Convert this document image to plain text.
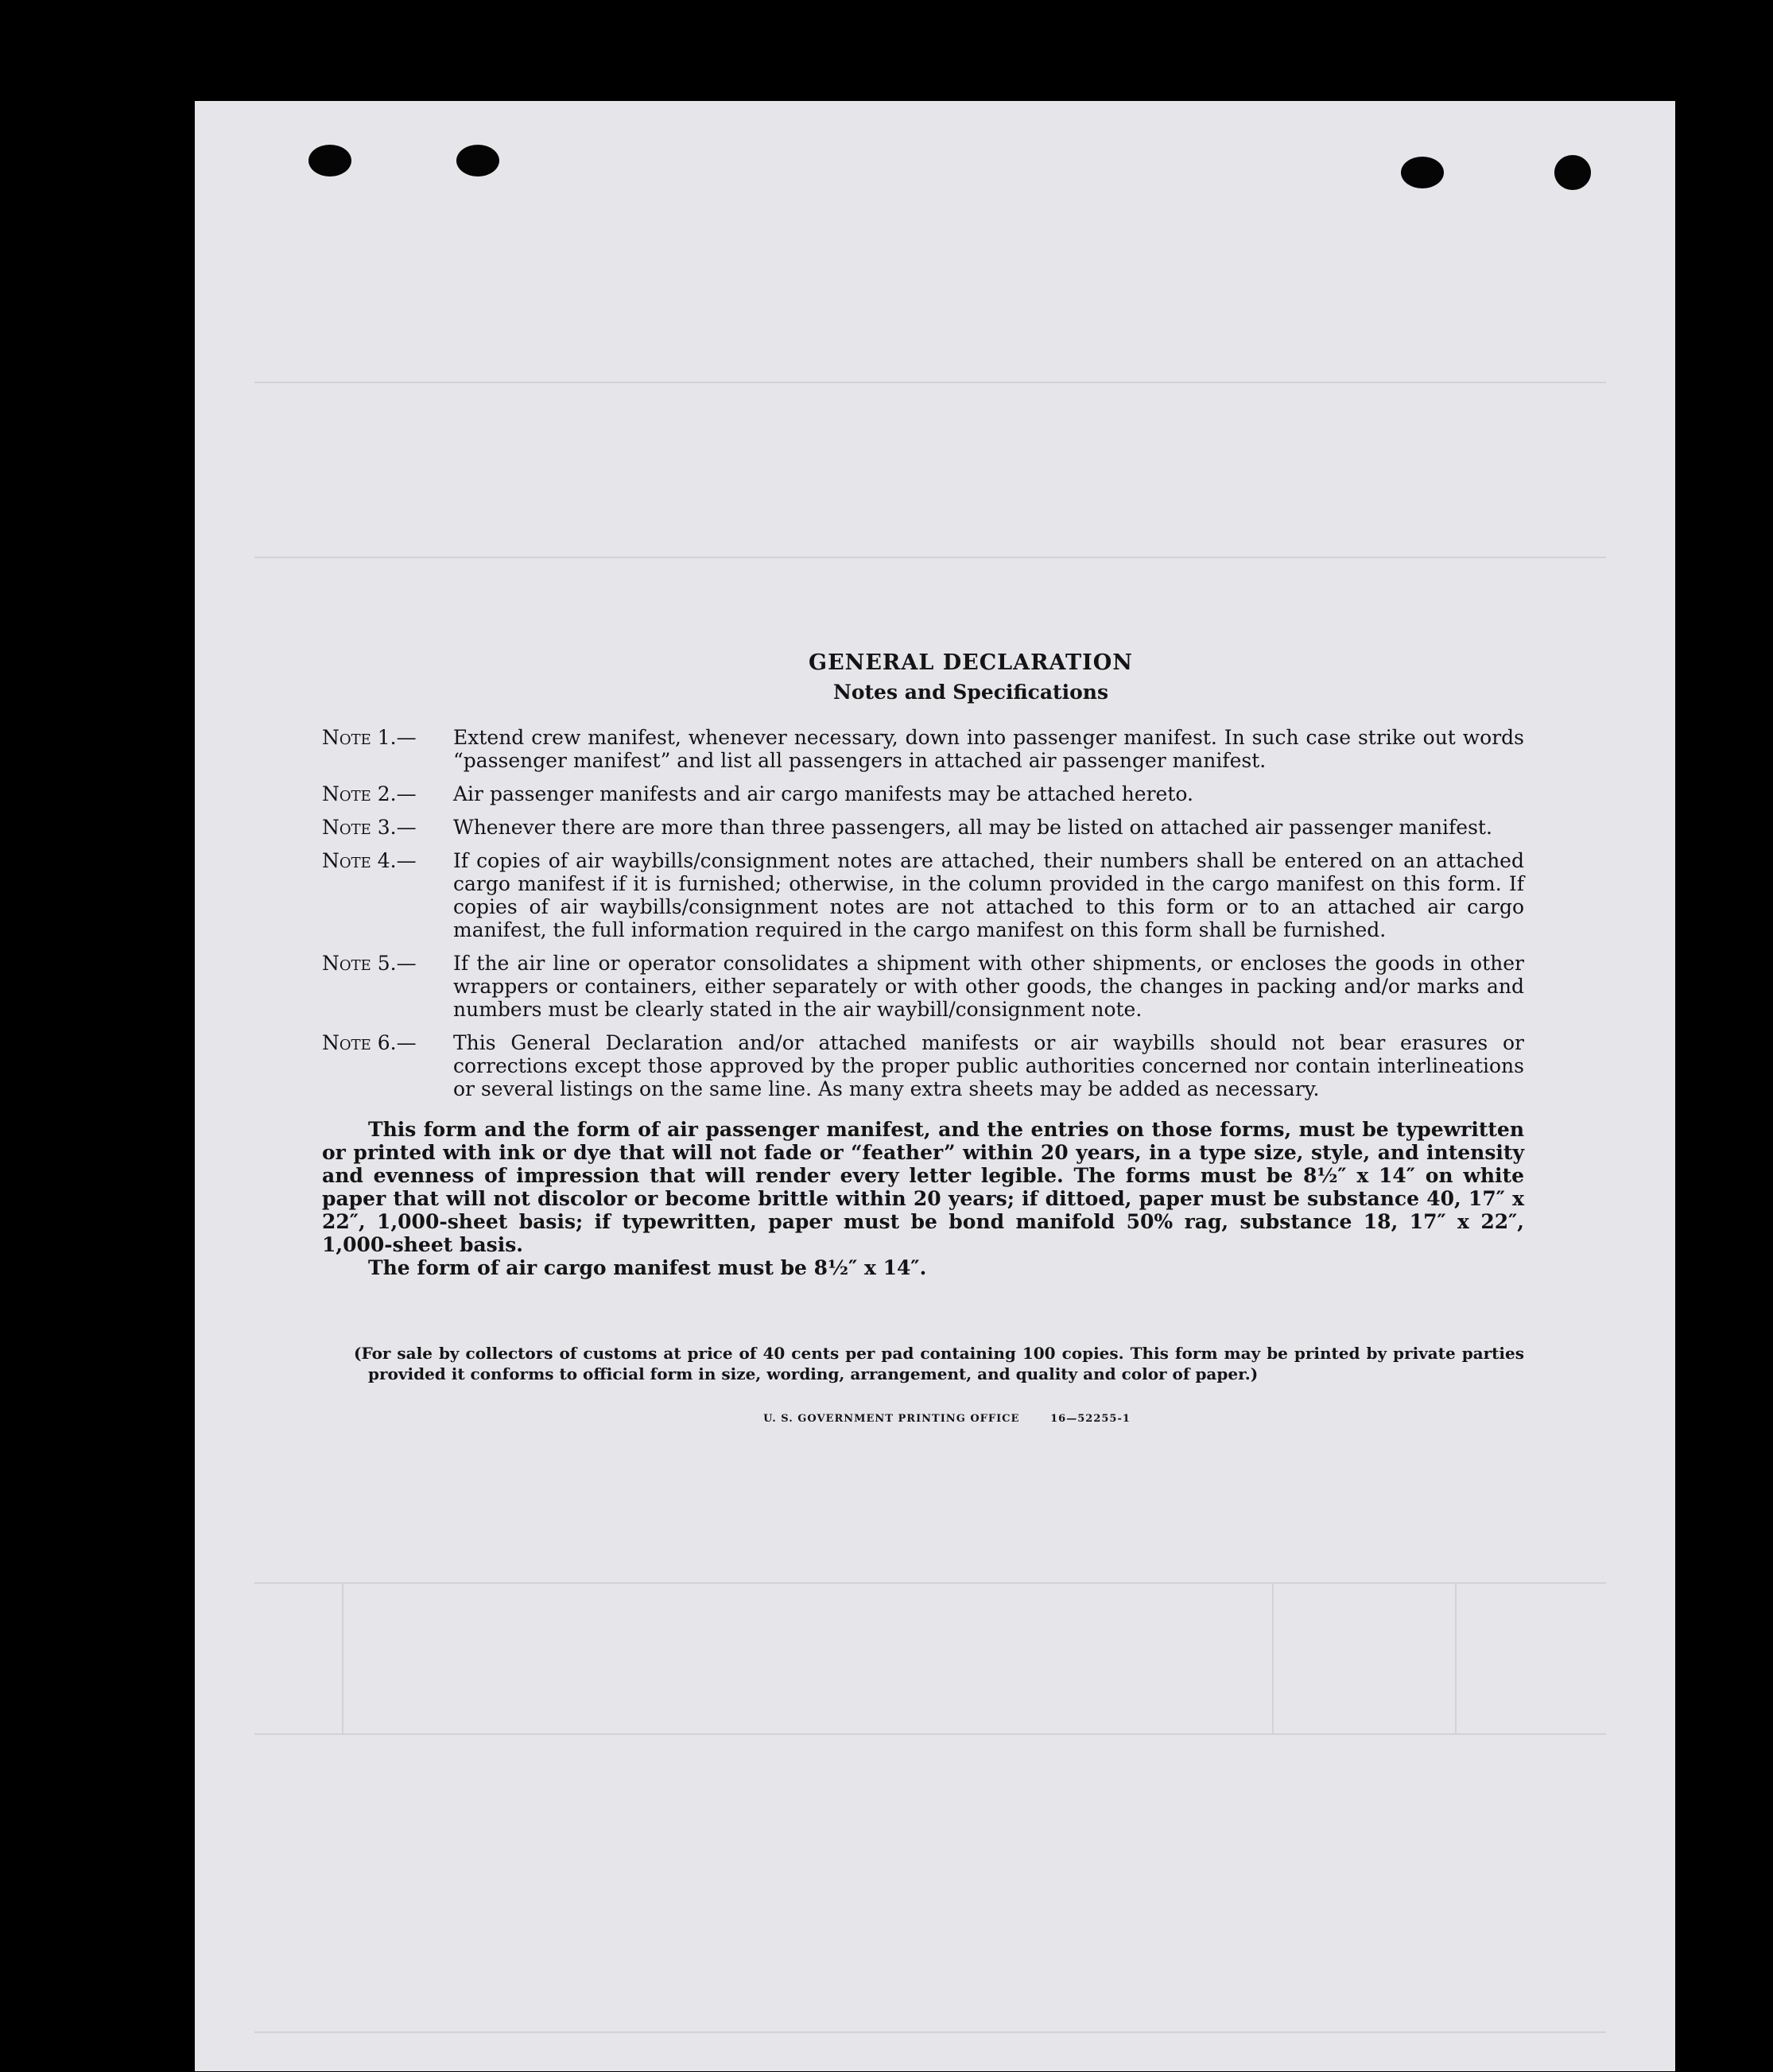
GENERAL DECLARATION
Notes and Specifications
Note 1.— Extend crew manifest, whenever necessary, down into passenger manifest. In such case strike out words “passenger manifest” and list all passengers in attached air passenger manifest.
Note 2.— Air passenger manifests and air cargo manifests may be attached hereto.
Note 3.— Whenever there are more than three passengers, all may be listed on attached air passenger manifest.
Note 4.— If copies of air waybills/consignment notes are attached, their numbers shall be entered on an attached cargo manifest if it is furnished; otherwise, in the column provided in the cargo manifest on this form. If copies of air waybills/consignment notes are not attached to this form or to an attached air cargo manifest, the full information required in the cargo manifest on this form shall be furnished.
Note 5.— If the air line or operator consolidates a shipment with other shipments, or encloses the goods in other wrappers or containers, either separately or with other goods, the changes in packing and/or marks and numbers must be clearly stated in the air waybill/consignment note.
Note 6.— This General Declaration and/or attached manifests or air waybills should not bear erasures or corrections except those approved by the proper public authorities concerned nor contain interlineations or several listings on the same line. As many extra sheets may be added as necessary.

This form and the form of air passenger manifest, and the entries on those forms, must be typewritten or printed with ink or dye that will not fade or “feather” within 20 years, in a type size, style, and intensity and evenness of impression that will render every letter legible. The forms must be 8½″ x 14″ on white paper that will not discolor or become brittle within 20 years; if dittoed, paper must be substance 40, 17″ x 22″, 1,000-sheet basis; if typewritten, paper must be bond manifold 50% rag, substance 18, 17″ x 22″, 1,000-sheet basis.

The form of air cargo manifest must be 8½″ x 14″.

(For sale by collectors of customs at price of 40 cents per pad containing 100 copies. This form may be printed by private parties provided it conforms to official form in size, wording, arrangement, and quality and color of paper.)

U. S. GOVERNMENT PRINTING OFFICE	16—52255-1
